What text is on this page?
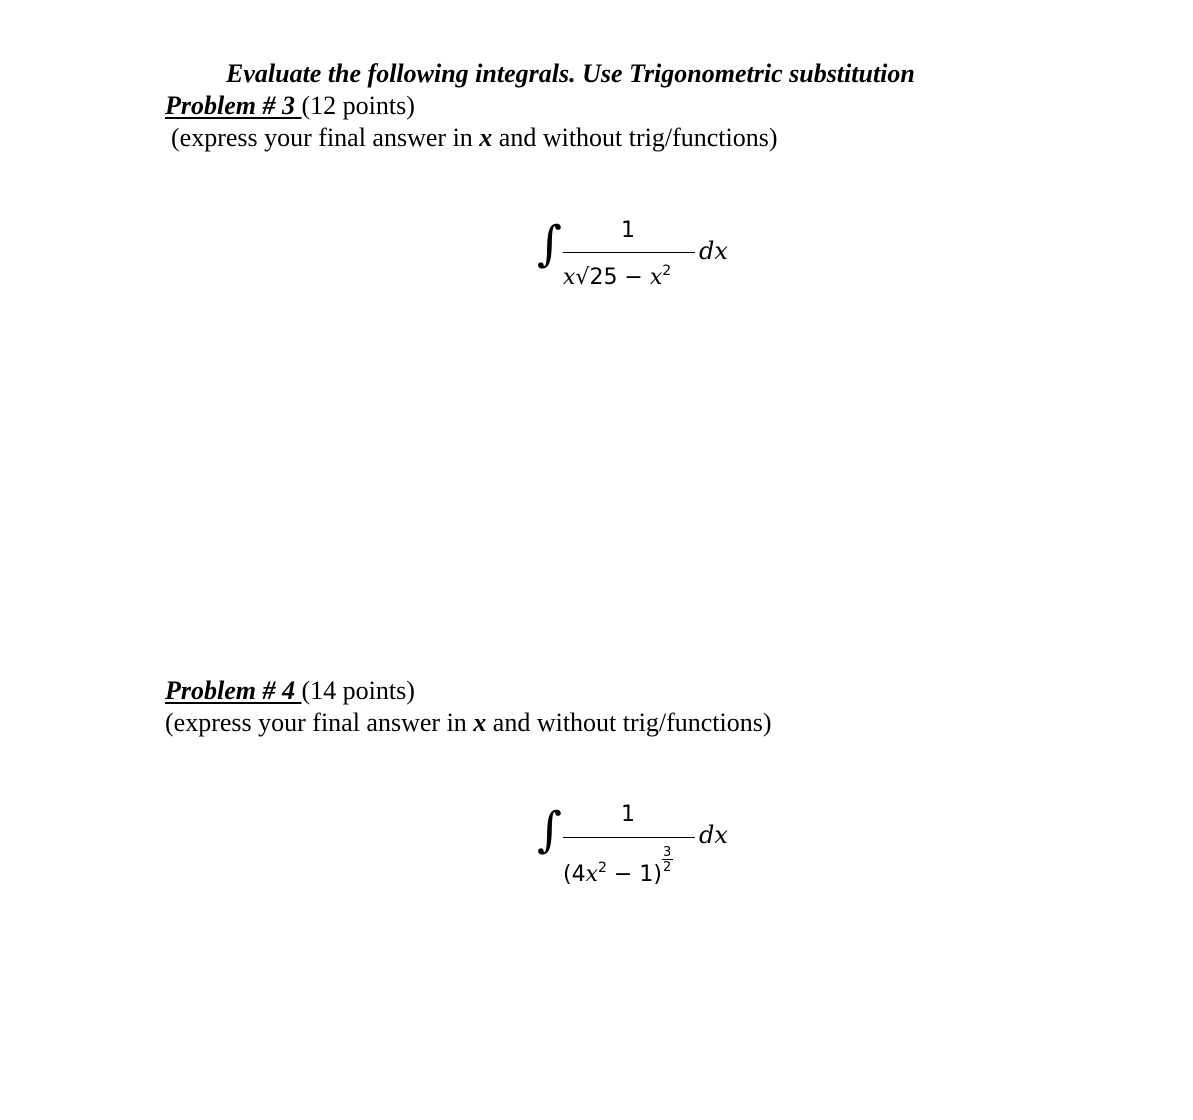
Evaluate the following integrals. Use Trigonometric substitution
Problem # 3 (12 points)
(express your final answer in x and without trig/functions)
∫	1
$x√25 - x^2$
dx
Problem # 4 (14 points)
(express your final answer in x and without trig/functions)
∫	1
$(4x^2 - 1) \frac{3}{2}$
dx
